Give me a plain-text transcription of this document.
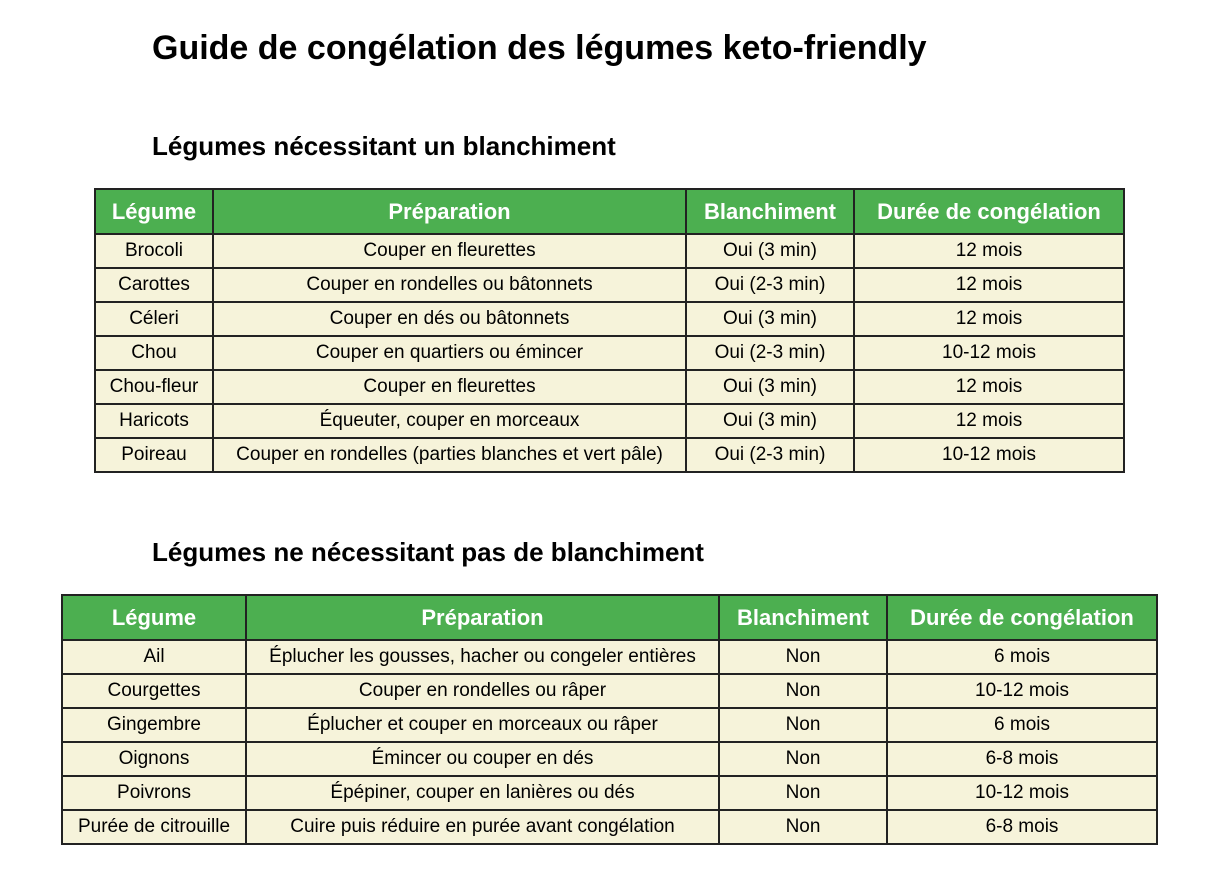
Guide de congélation des légumes keto-friendly
Légumes nécessitant un blanchiment
Légume	Préparation	Blanchiment	Durée de congélation
Brocoli	Couper en fleurettes	Oui (3 min)	12 mois
Carottes	Couper en rondelles ou bâtonnets	Oui (2-3 min)	12 mois
Céleri	Couper en dés ou bâtonnets	Oui (3 min)	12 mois
Chou	Couper en quartiers ou émincer	Oui (2-3 min)	10-12 mois
Chou-fleur	Couper en fleurettes	Oui (3 min)	12 mois
Haricots	Équeuter, couper en morceaux	Oui (3 min)	12 mois
Poireau	Couper en rondelles (parties blanches et vert pâle)	Oui (2-3 min)	10-12 mois
Légumes ne nécessitant pas de blanchiment
Légume	Préparation	Blanchiment	Durée de congélation
Ail	Éplucher les gousses, hacher ou congeler entières	Non	6 mois
Courgettes	Couper en rondelles ou râper	Non	10-12 mois
Gingembre	Éplucher et couper en morceaux ou râper	Non	6 mois
Oignons	Émincer ou couper en dés	Non	6-8 mois
Poivrons	Épépiner, couper en lanières ou dés	Non	10-12 mois
Purée de citrouille	Cuire puis réduire en purée avant congélation	Non	6-8 mois
